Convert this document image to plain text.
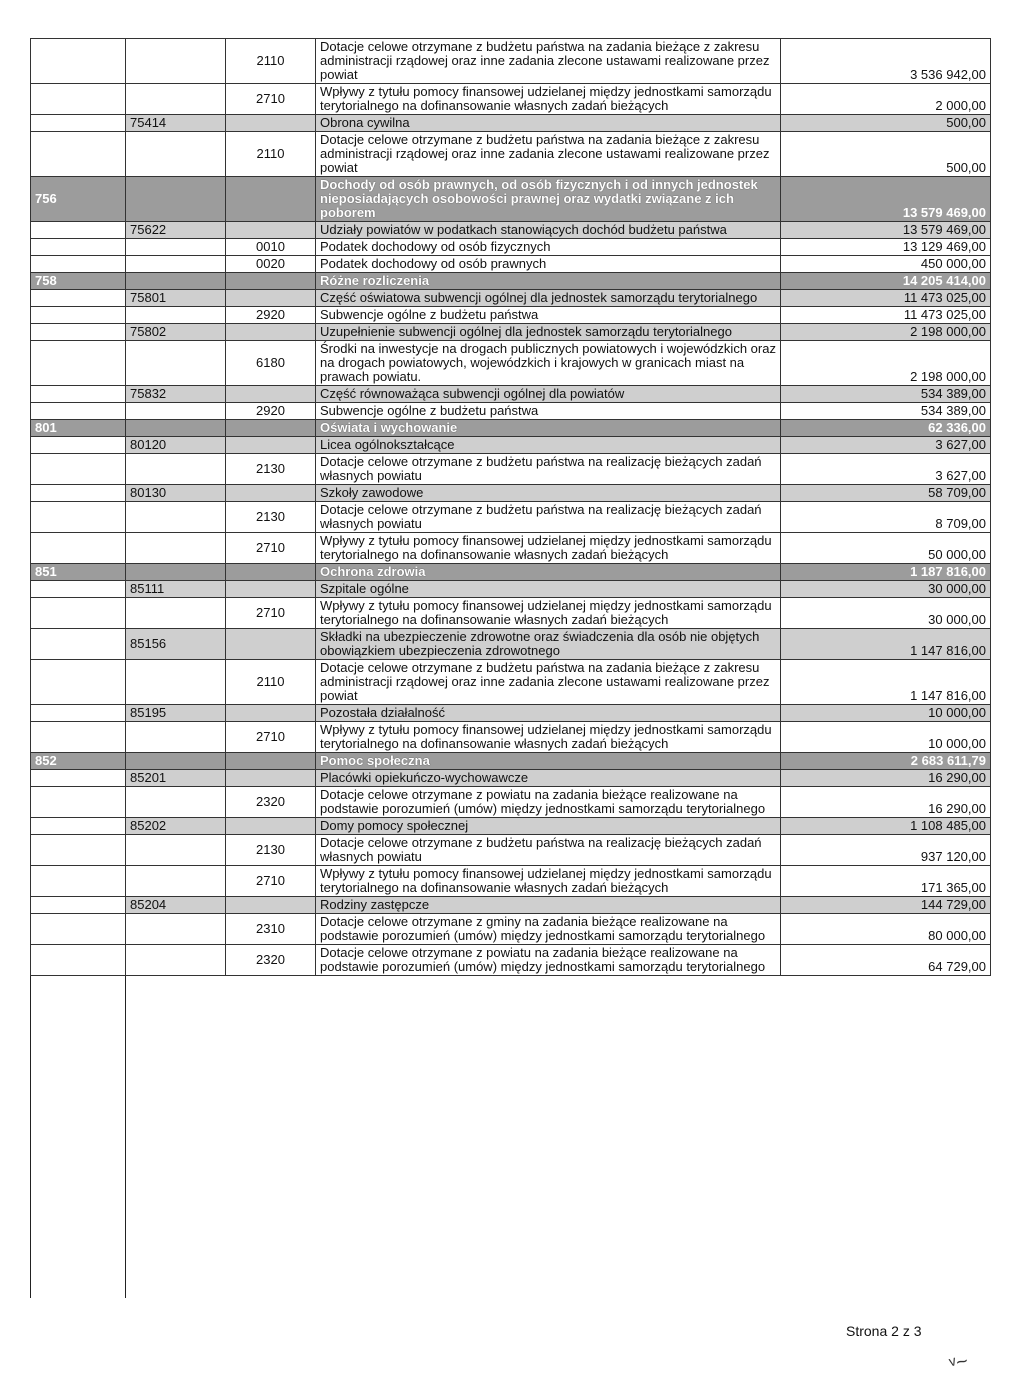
		2110	Dotacje celowe otrzymane z budżetu państwa na zadania bieżące z zakresu administracji rządowej oraz inne zadania zlecone ustawami realizowane przez powiat	3 536 942,00
		2710	Wpływy z tytułu pomocy finansowej udzielanej między jednostkami samorządu terytorialnego na dofinansowanie własnych zadań bieżących	2 000,00
	75414		Obrona cywilna	500,00
		2110	Dotacje celowe otrzymane z budżetu państwa na zadania bieżące z zakresu administracji rządowej oraz inne zadania zlecone ustawami realizowane przez powiat	500,00
756			Dochody od osób prawnych, od osób fizycznych i od innych jednostek nieposiadających osobowości prawnej oraz wydatki związane z ich poborem	13 579 469,00
	75622		Udziały powiatów w podatkach stanowiących dochód budżetu państwa	13 579 469,00
		0010	Podatek dochodowy od osób fizycznych	13 129 469,00
		0020	Podatek dochodowy od osób prawnych	450 000,00
758			Różne rozliczenia	14 205 414,00
	75801		Część oświatowa subwencji ogólnej dla jednostek samorządu terytorialnego	11 473 025,00
		2920	Subwencje ogólne z budżetu państwa	11 473 025,00
	75802		Uzupełnienie subwencji ogólnej dla jednostek samorządu terytorialnego	2 198 000,00
		6180	Środki na inwestycje na drogach publicznych powiatowych i wojewódzkich oraz na drogach powiatowych, wojewódzkich i krajowych w granicach miast na prawach powiatu.	2 198 000,00
	75832		Część równoważąca subwencji ogólnej dla powiatów	534 389,00
		2920	Subwencje ogólne z budżetu państwa	534 389,00
801			Oświata i wychowanie	62 336,00
	80120		Licea ogólnokształcące	3 627,00
		2130	Dotacje celowe otrzymane z budżetu państwa na realizację bieżących zadań własnych powiatu	3 627,00
	80130		Szkoły zawodowe	58 709,00
		2130	Dotacje celowe otrzymane z budżetu państwa na realizację bieżących zadań własnych powiatu	8 709,00
		2710	Wpływy z tytułu pomocy finansowej udzielanej między jednostkami samorządu terytorialnego na dofinansowanie własnych zadań bieżących	50 000,00
851			Ochrona zdrowia	1 187 816,00
	85111		Szpitale ogólne	30 000,00
		2710	Wpływy z tytułu pomocy finansowej udzielanej między jednostkami samorządu terytorialnego na dofinansowanie własnych zadań bieżących	30 000,00
	85156		Składki na ubezpieczenie zdrowotne oraz świadczenia dla osób nie objętych obowiązkiem ubezpieczenia zdrowotnego	1 147 816,00
		2110	Dotacje celowe otrzymane z budżetu państwa na zadania bieżące z zakresu administracji rządowej oraz inne zadania zlecone ustawami realizowane przez powiat	1 147 816,00
	85195		Pozostała działalność	10 000,00
		2710	Wpływy z tytułu pomocy finansowej udzielanej między jednostkami samorządu terytorialnego na dofinansowanie własnych zadań bieżących	10 000,00
852			Pomoc społeczna	2 683 611,79
	85201		Placówki opiekuńczo-wychowawcze	16 290,00
		2320	Dotacje celowe otrzymane z powiatu na zadania bieżące realizowane na podstawie porozumień (umów) między jednostkami samorządu terytorialnego	16 290,00
	85202		Domy pomocy społecznej	1 108 485,00
		2130	Dotacje celowe otrzymane z budżetu państwa na realizację bieżących zadań własnych powiatu	937 120,00
		2710	Wpływy z tytułu pomocy finansowej udzielanej między jednostkami samorządu terytorialnego na dofinansowanie własnych zadań bieżących	171 365,00
	85204		Rodziny zastępcze	144 729,00
		2310	Dotacje celowe otrzymane z gminy na zadania bieżące realizowane na podstawie porozumień (umów) między jednostkami samorządu terytorialnego	80 000,00
		2320	Dotacje celowe otrzymane z powiatu na zadania bieżące realizowane na podstawie porozumień (umów) między jednostkami samorządu terytorialnego	64 729,00
Strona 2 z 3
ᵛ~
